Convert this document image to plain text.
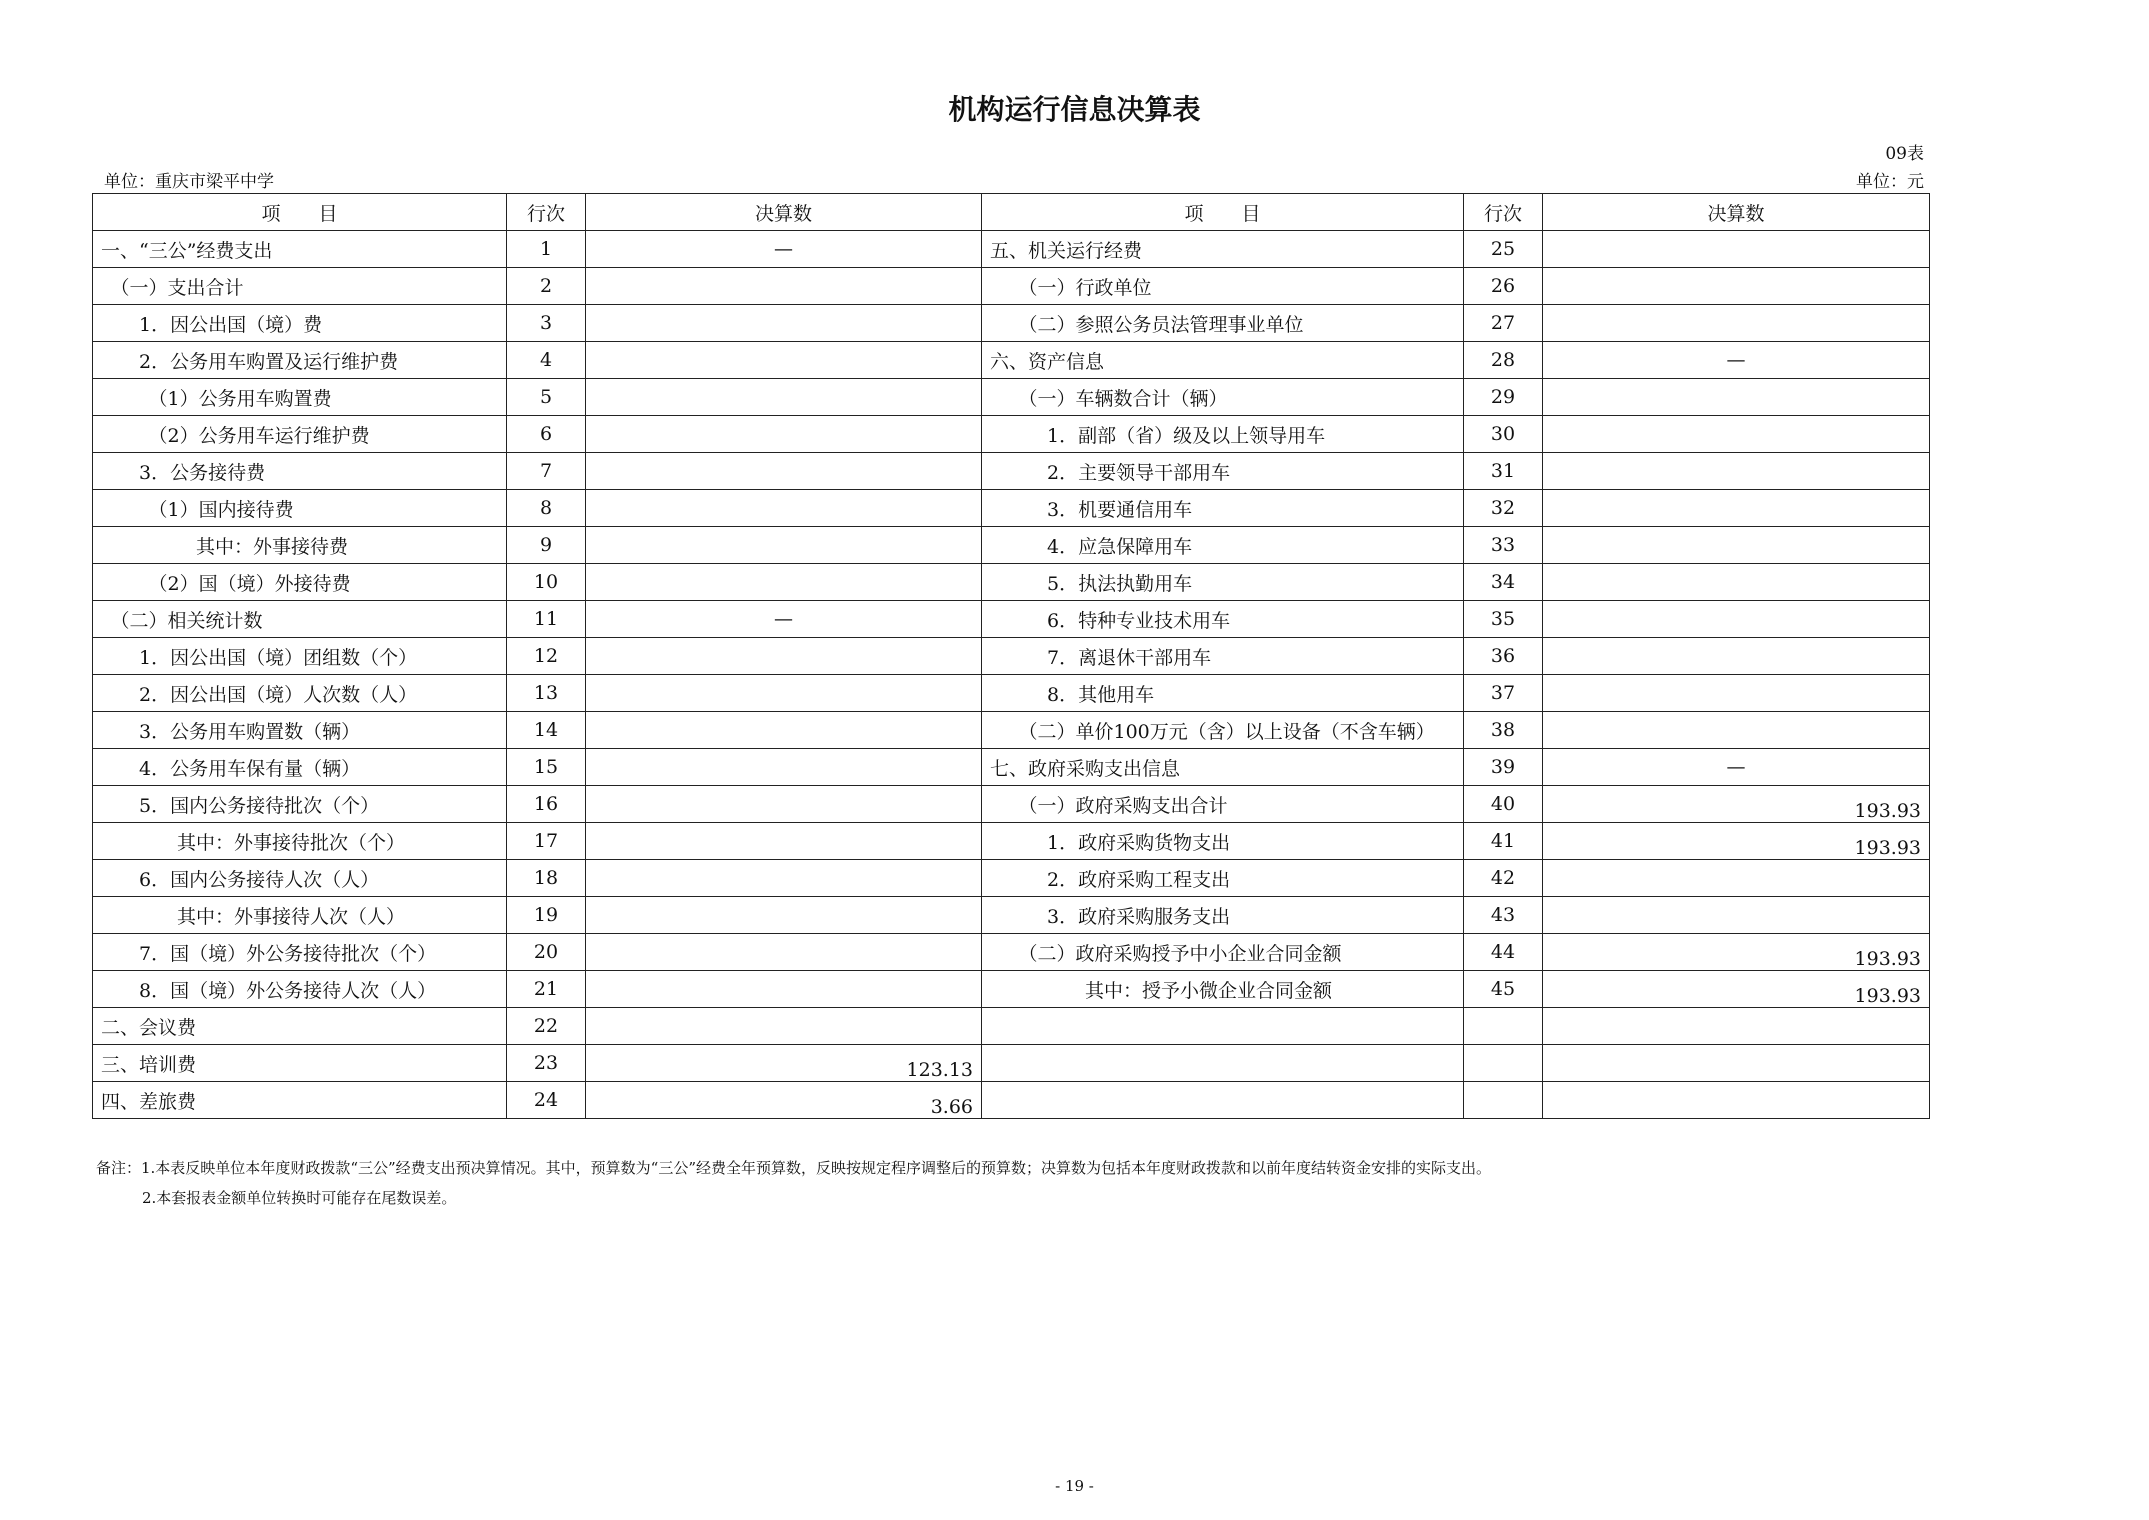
机构运行信息决算表
09表
单位：重庆市梁平中学	单位：元
项　　目	行次	决算数	项　　目	行次	决算数
一、“三公”经费支出	1	—	五、机关运行经费	25	
　（一）支出合计	2		　　（一）行政单位	26	
　　1．因公出国（境）费	3		　　（二）参照公务员法管理事业单位	27	
　　2．公务用车购置及运行维护费	4		六、资产信息	28	—
　　　（1）公务用车购置费	5		　　（一）车辆数合计（辆）	29	
　　　（2）公务用车运行维护费	6		　　　1．副部（省）级及以上领导用车	30	
　　3．公务接待费	7		　　　2．主要领导干部用车	31	
　　　（1）国内接待费	8		　　　3．机要通信用车	32	
　　　　　其中：外事接待费	9		　　　4．应急保障用车	33	
　　　（2）国（境）外接待费	10		　　　5．执法执勤用车	34	
　（二）相关统计数	11	—	　　　6．特种专业技术用车	35	
　　1．因公出国（境）团组数（个）	12		　　　7．离退休干部用车	36	
　　2．因公出国（境）人次数（人）	13		　　　8．其他用车	37	
　　3．公务用车购置数（辆）	14		　　（二）单价100万元（含）以上设备（不含车辆）	38	
　　4．公务用车保有量（辆）	15		七、政府采购支出信息	39	—
　　5．国内公务接待批次（个）	16		　　（一）政府采购支出合计	40	193.93
　　　　其中：外事接待批次（个）	17		　　　1．政府采购货物支出	41	193.93
　　6．国内公务接待人次（人）	18		　　　2．政府采购工程支出	42	
　　　　其中：外事接待人次（人）	19		　　　3．政府采购服务支出	43	
　　7．国（境）外公务接待批次（个）	20		　　（二）政府采购授予中小企业合同金额	44	193.93
　　8．国（境）外公务接待人次（人）	21		　　　　　其中：授予小微企业合同金额	45	193.93
二、会议费	22				
三、培训费	23	123.13			
四、差旅费	24	3.66			
备注：1.本表反映单位本年度财政拨款“三公”经费支出预决算情况。其中，预算数为“三公”经费全年预算数，反映按规定程序调整后的预算数；决算数为包括本年度财政拨款和以前年度结转资金安排的实际支出。
2.本套报表金额单位转换时可能存在尾数误差。
- 19 -
